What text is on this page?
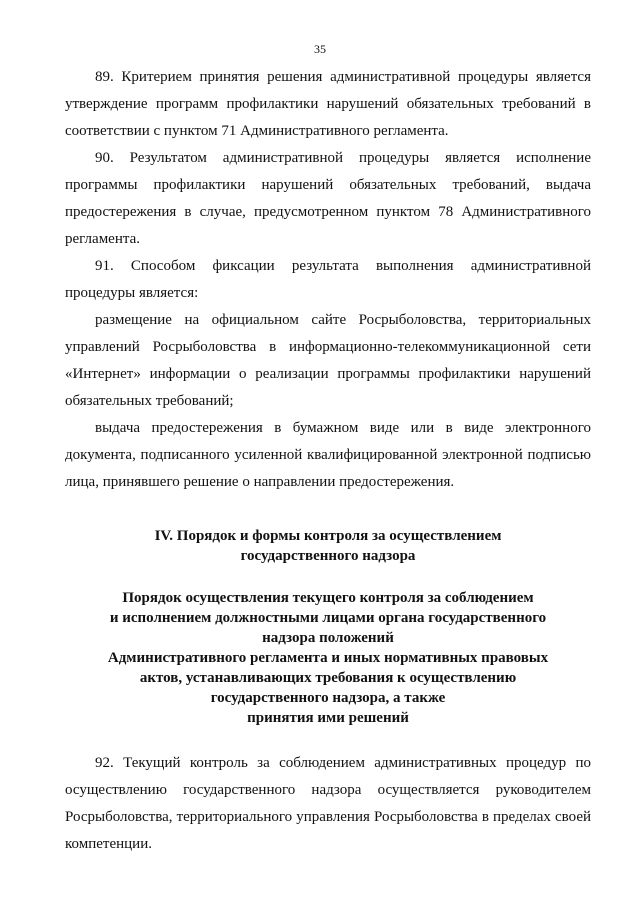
35

89. Критерием принятия решения административной процедуры является утверждение программ профилактики нарушений обязательных требований в соответствии с пунктом 71 Административного регламента.

90. Результатом административной процедуры является исполнение программы профилактики нарушений обязательных требований, выдача предостережения в случае, предусмотренном пунктом 78 Административного регламента.

91. Способом фиксации результата выполнения административной процедуры является:

размещение на официальном сайте Росрыболовства, территориальных управлений Росрыболовства в информационно-телекоммуникационной сети «Интернет» информации о реализации программы профилактики нарушений обязательных требований;

выдача предостережения в бумажном виде или в виде электронного документа, подписанного усиленной квалифицированной электронной подписью лица, принявшего решение о направлении предостережения.

IV. Порядок и формы контроля за осуществлением
государственного надзора
Порядок осуществления текущего контроля за соблюдением
и исполнением должностными лицами органа государственного
надзора положений
Административного регламента и иных нормативных правовых
актов, устанавливающих требования к осуществлению
государственного надзора, а также
принятия ими решений

92. Текущий контроль за соблюдением административных процедур по осуществлению государственного надзора осуществляется руководителем Росрыболовства, территориального управления Росрыболовства в пределах своей компетенции.
